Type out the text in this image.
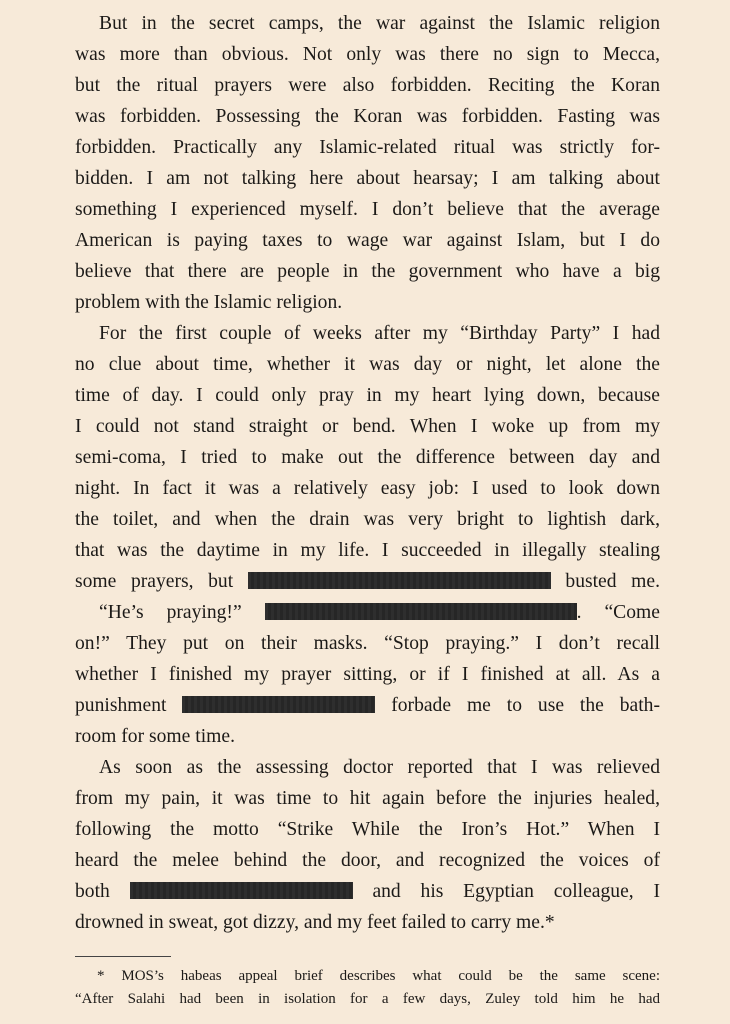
But in the secret camps, the war against the Islamic religion
was more than obvious. Not only was there no sign to Mecca,
but the ritual prayers were also forbidden. Reciting the Koran
was forbidden. Possessing the Koran was forbidden. Fasting was
forbidden. Practically any Islamic-related ritual was strictly for-
bidden. I am not talking here about hearsay; I am talking about
something I experienced myself. I don’t believe that the average
American is paying taxes to wage war against Islam, but I do
believe that there are people in the government who have a big
problem with the Islamic religion.

For the first couple of weeks after my “Birthday Party” I had
no clue about time, whether it was day or night, let alone the
time of day. I could only pray in my heart lying down, because
I could not stand straight or bend. When I woke up from my
semi-coma, I tried to make out the difference between day and
night. In fact it was a relatively easy job: I used to look down
the toilet, and when the drain was very bright to lightish dark,
that was the daytime in my life. I succeeded in illegally stealing
some prayers, but	busted me.

“He’s praying!”	. “Come
on!” They put on their masks. “Stop praying.” I don’t recall
whether I finished my prayer sitting, or if I finished at all. As a
punishment	forbade me to use the bath-
room for some time.

As soon as the assessing doctor reported that I was relieved
from my pain, it was time to hit again before the injuries healed,
following the motto “Strike While the Iron’s Hot.” When I
heard the melee behind the door, and recognized the voices of
both	and his Egyptian colleague, I
drowned in sweat, got dizzy, and my feet failed to carry me.*

* MOS’s habeas appeal brief describes what could be the same scene:
“After Salahi had been in isolation for a few days, Zuley told him he had
